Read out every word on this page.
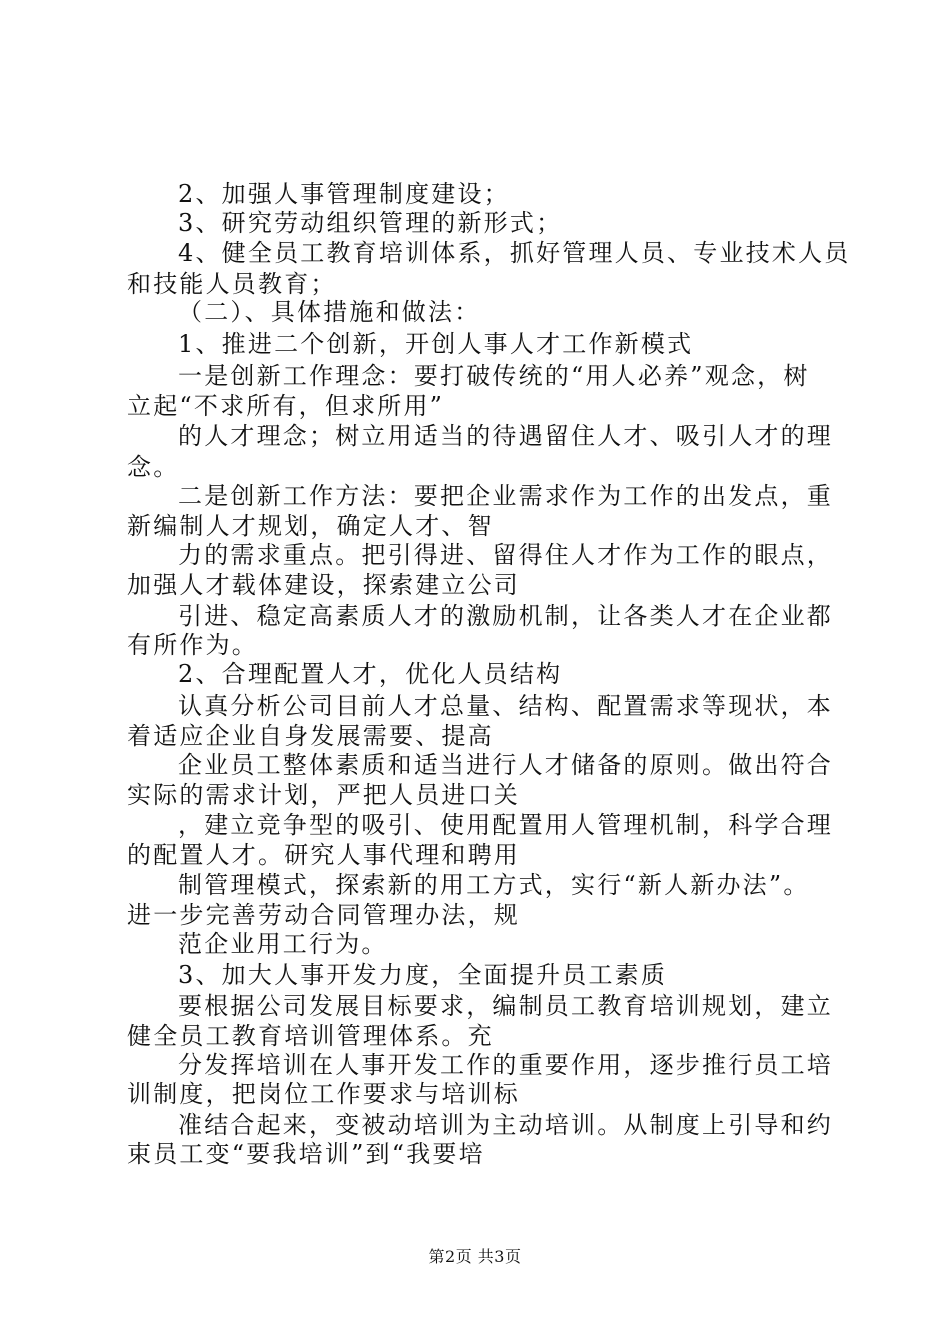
2、加强人事管理制度建设；
3、研究劳动组织管理的新形式；
4、健全员工教育培训体系，抓好管理人员、专业技术人员
和技能人员教育；
（二）、具体措施和做法：
1、推进二个创新，开创人事人才工作新模式
一是创新工作理念：要打破传统的“用人必养”观念，树
立起“不求所有，但求所用”
的人才理念；树立用适当的待遇留住人才、吸引人才的理
念。
二是创新工作方法：要把企业需求作为工作的出发点，重
新编制人才规划，确定人才、智
力的需求重点。把引得进、留得住人才作为工作的眼点，
加强人才载体建设，探索建立公司
引进、稳定高素质人才的激励机制，让各类人才在企业都
有所作为。
2、合理配置人才，优化人员结构
认真分析公司目前人才总量、结构、配置需求等现状，本
着适应企业自身发展需要、提高
企业员工整体素质和适当进行人才储备的原则。做出符合
实际的需求计划，严把人员进口关
，建立竞争型的吸引、使用配置用人管理机制，科学合理
的配置人才。研究人事代理和聘用
制管理模式，探索新的用工方式，实行“新人新办法”。
进一步完善劳动合同管理办法，规
范企业用工行为。
3、加大人事开发力度，全面提升员工素质
要根据公司发展目标要求，编制员工教育培训规划，建立
健全员工教育培训管理体系。充
分发挥培训在人事开发工作的重要作用，逐步推行员工培
训制度，把岗位工作要求与培训标
准结合起来，变被动培训为主动培训。从制度上引导和约
束员工变“要我培训”到“我要培
第2页 共3页
